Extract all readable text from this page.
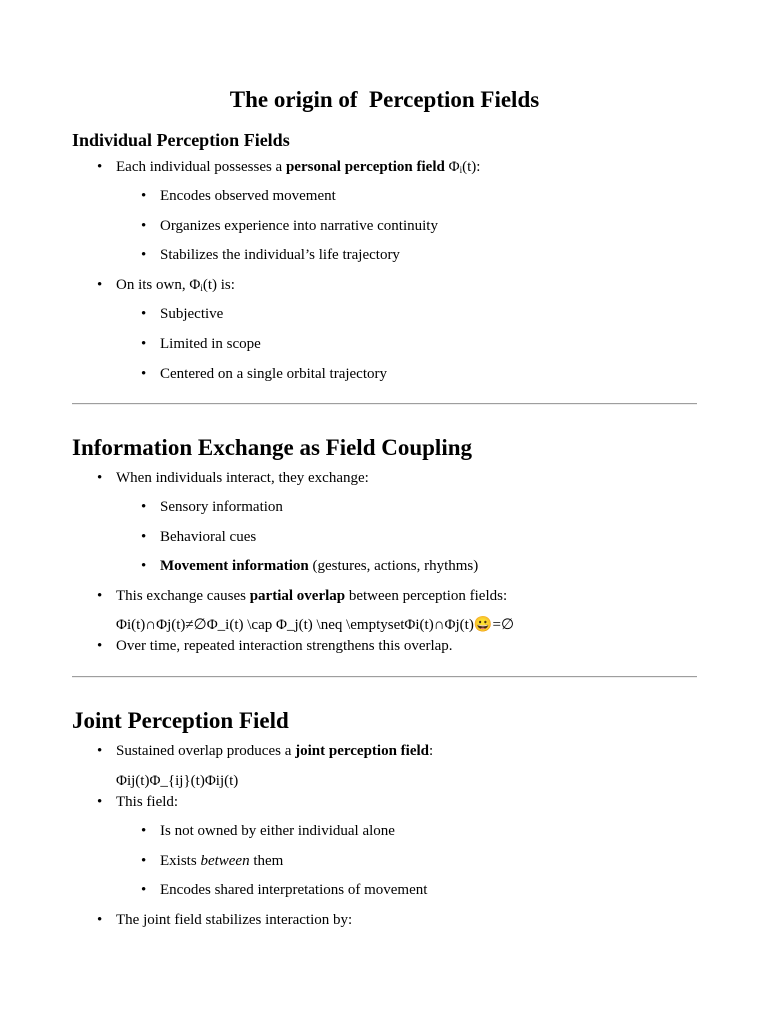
The origin of  Perception Fields
Individual Perception Fields
• Each individual possesses a personal perception field Φi(t):
• Encodes observed movement
• Organizes experience into narrative continuity
• Stabilizes the individual’s life trajectory
• On its own, Φi(t) is:
• Subjective
• Limited in scope
• Centered on a single orbital trajectory
Information Exchange as Field Coupling
• When individuals interact, they exchange:
• Sensory information
• Behavioral cues
• Movement information (gestures, actions, rhythms)
• This exchange causes partial overlap between perception fields:
Φi(t)∩Φj(t)≠∅Φ_i(t) \cap Φ_j(t) \neq \emptysetΦi(t)∩Φj(t)😀=∅
• Over time, repeated interaction strengthens this overlap.
Joint Perception Field
• Sustained overlap produces a joint perception field:
Φij(t)Φ_{ij}(t)Φij(t)
• This field:
• Is not owned by either individual alone
• Exists between them
• Encodes shared interpretations of movement
• The joint field stabilizes interaction by:
